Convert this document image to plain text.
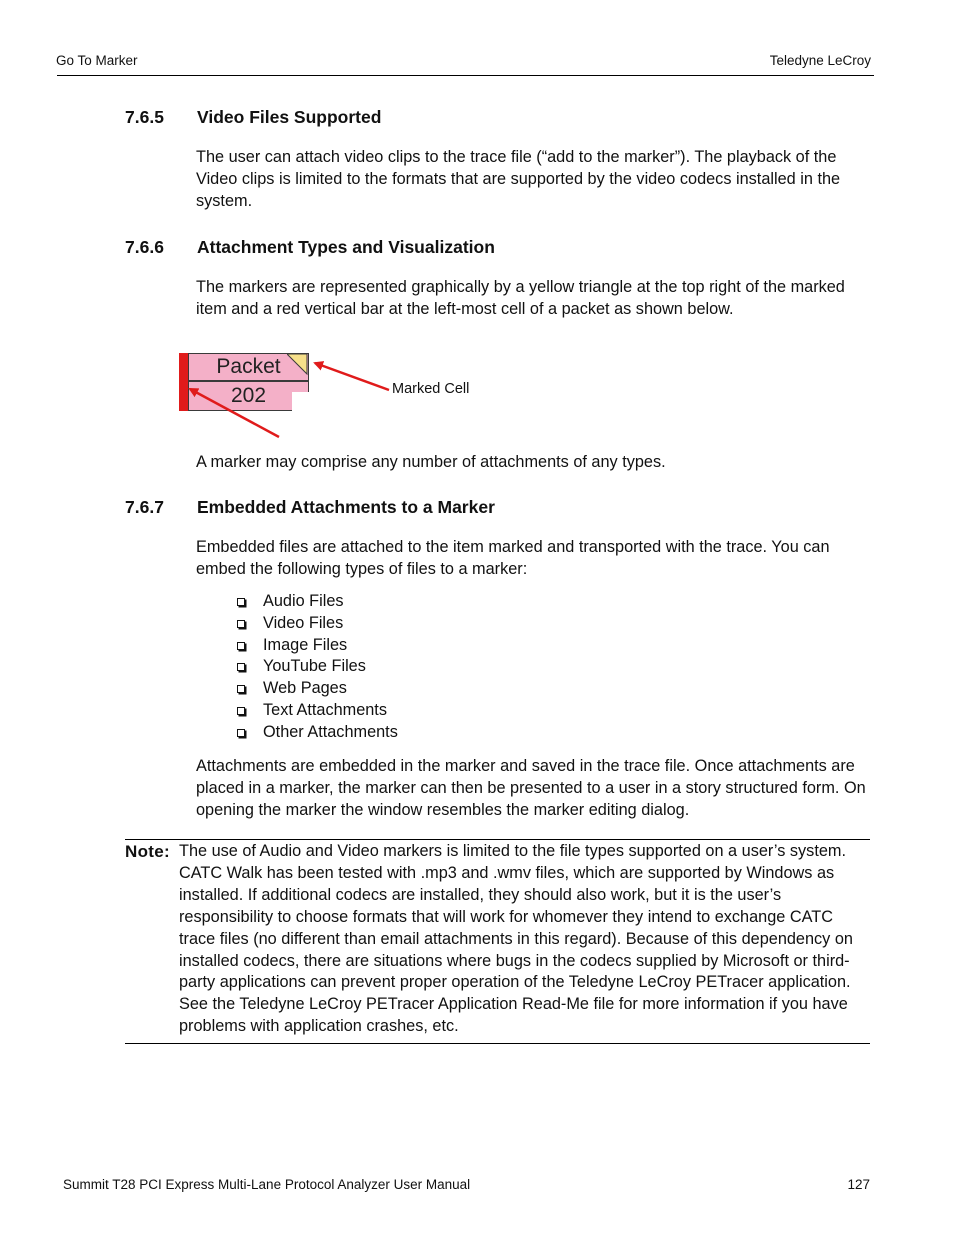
Go To Marker	Teledyne LeCroy
7.6.5 Video Files Supported
The user can attach video clips to the trace file (“add to the marker”). The playback of the Video clips is limited to the formats that are supported by the video codecs installed in the system.
7.6.6 Attachment Types and Visualization
The markers are represented graphically by a yellow triangle at the top right of the marked item and a red vertical bar at the left-most cell of a packet as shown below.
Packet
202	Marked Cell
A marker may comprise any number of attachments of any types.
7.6.7 Embedded Attachments to a Marker
Embedded files are attached to the item marked and transported with the trace. You can embed the following types of files to a marker:
Audio Files
Video Files
Image Files
YouTube Files
Web Pages
Text Attachments
Other Attachments
Attachments are embedded in the marker and saved in the trace file. Once attachments are placed in a marker, the marker can then be presented to a user in a story structured form. On opening the marker the window resembles the marker editing dialog.
Note: The use of Audio and Video markers is limited to the file types supported on a user’s system. CATC Walk has been tested with .mp3 and .wmv files, which are supported by Windows as installed. If additional codecs are installed, they should also work, but it is the user’s responsibility to choose formats that will work for whomever they intend to exchange CATC trace files (no different than email attachments in this regard). Because of this dependency on installed codecs, there are situations where bugs in the codecs supplied by Microsoft or third-party applications can prevent proper operation of the Teledyne LeCroy PETracer application. See the Teledyne LeCroy PETracer Application Read-Me file for more information if you have problems with application crashes, etc.
Summit T28 PCI Express Multi-Lane Protocol Analyzer User Manual	127
